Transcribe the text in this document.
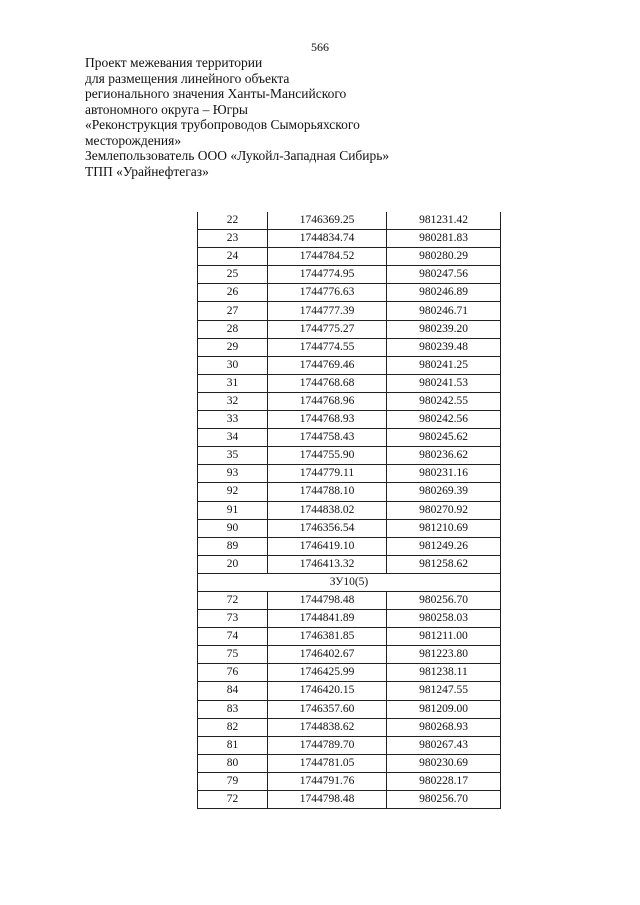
566
Проект межевания территории
для размещения линейного объекта
регионального значения Ханты-Мансийского
автономного округа – Югры
«Реконструкция трубопроводов Сыморьяхского
месторождения»
Землепользователь ООО «Лукойл-Западная Сибирь»
ТПП «Урайнефтегаз»
22	1746369.25	981231.42
23	1744834.74	980281.83
24	1744784.52	980280.29
25	1744774.95	980247.56
26	1744776.63	980246.89
27	1744777.39	980246.71
28	1744775.27	980239.20
29	1744774.55	980239.48
30	1744769.46	980241.25
31	1744768.68	980241.53
32	1744768.96	980242.55
33	1744768.93	980242.56
34	1744758.43	980245.62
35	1744755.90	980236.62
93	1744779.11	980231.16
92	1744788.10	980269.39
91	1744838.02	980270.92
90	1746356.54	981210.69
89	1746419.10	981249.26
20	1746413.32	981258.62
ЗУ10(5)		
72	1744798.48	980256.70
73	1744841.89	980258.03
74	1746381.85	981211.00
75	1746402.67	981223.80
76	1746425.99	981238.11
84	1746420.15	981247.55
83	1746357.60	981209.00
82	1744838.62	980268.93
81	1744789.70	980267.43
80	1744781.05	980230.69
79	1744791.76	980228.17
72	1744798.48	980256.70
